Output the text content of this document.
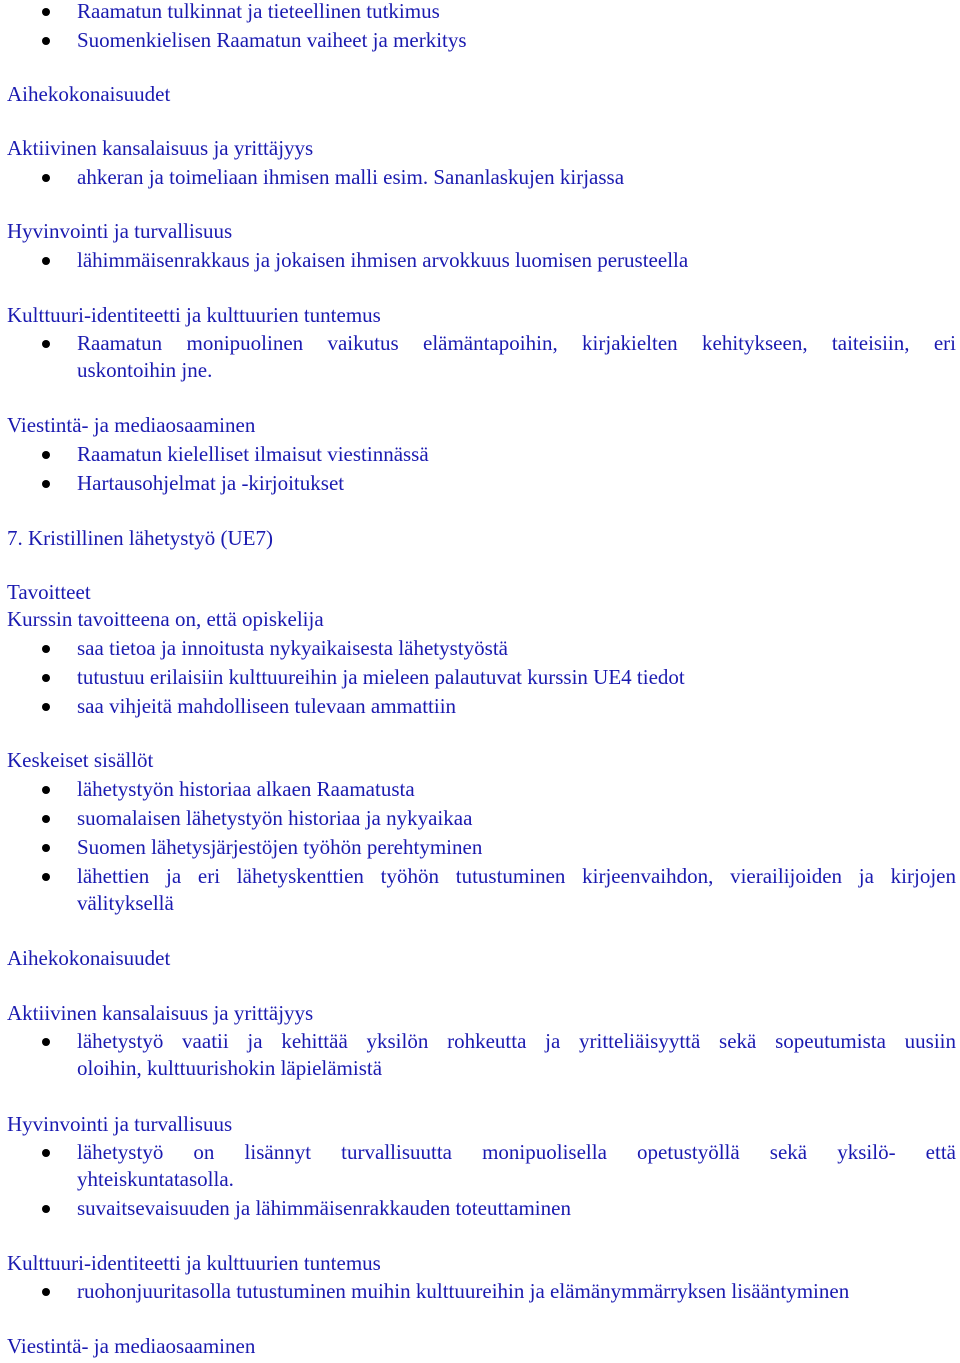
Raamatun tulkinnat ja tieteellinen tutkimus
Suomenkielisen Raamatun vaiheet ja merkitys
Aihekokonaisuudet
Aktiivinen kansalaisuus ja yrittäjyys
ahkeran ja toimeliaan ihmisen malli esim. Sananlaskujen kirjassa
Hyvinvointi ja turvallisuus
lähimmäisenrakkaus ja jokaisen ihmisen arvokkuus luomisen perusteella
Kulttuuri-identiteetti ja kulttuurien tuntemus
Raamatun monipuolinen vaikutus elämäntapoihin, kirjakielten kehitykseen, taiteisiin, eri
uskontoihin jne.
Viestintä- ja mediaosaaminen
Raamatun kielelliset ilmaisut viestinnässä
Hartausohjelmat ja -kirjoitukset
7. Kristillinen lähetystyö (UE7)
Tavoitteet
Kurssin tavoitteena on, että opiskelija
saa tietoa ja innoitusta nykyaikaisesta lähetystyöstä
tutustuu erilaisiin kulttuureihin ja mieleen palautuvat kurssin UE4 tiedot
saa vihjeitä mahdolliseen tulevaan ammattiin
Keskeiset sisällöt
lähetystyön historiaa alkaen Raamatusta
suomalaisen lähetystyön historiaa ja nykyaikaa
Suomen lähetysjärjestöjen työhön perehtyminen
lähettien ja eri lähetyskenttien työhön tutustuminen kirjeenvaihdon, vierailijoiden ja kirjojen
välityksellä
Aihekokonaisuudet
Aktiivinen kansalaisuus ja yrittäjyys
lähetystyö vaatii ja kehittää yksilön rohkeutta ja yritteliäisyyttä sekä sopeutumista uusiin
oloihin, kulttuurishokin läpielämistä
Hyvinvointi ja turvallisuus
lähetystyö on lisännyt turvallisuutta monipuolisella opetustyöllä sekä yksilö- että
yhteiskuntatasolla.
suvaitsevaisuuden ja lähimmäisenrakkauden toteuttaminen
Kulttuuri-identiteetti ja kulttuurien tuntemus
ruohonjuuritasolla tutustuminen muihin kulttuureihin ja elämänymmärryksen lisääntyminen
Viestintä- ja mediaosaaminen
